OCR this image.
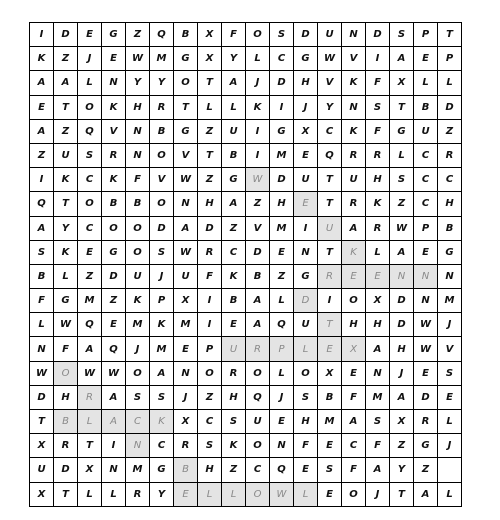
I	D	E	G	Z	Q	B	X	F	O	S	D	U	N	D	S	P	T
K	Z	J	E	W	M	G	X	Y	L	C	G	W	V	I	A	E	P
A	A	L	N	Y	Y	O	T	A	J	D	H	V	K	F	X	L	L
E	T	O	K	H	R	T	L	L	K	I	J	Y	N	S	T	B	D
A	Z	Q	V	N	B	G	Z	U	I	G	X	C	K	F	G	U	Z
Z	U	S	R	N	O	V	T	B	I	M	E	Q	R	R	L	C	R
I	K	C	K	F	V	W	Z	G	W	D	U	T	U	H	S	C	C
Q	T	O	B	B	O	N	H	A	Z	H	E	T	R	K	Z	C	H
A	Y	C	O	O	D	A	D	Z	V	M	I	U	A	R	W	P	B
S	K	E	G	O	S	W	R	C	D	E	N	T	K	L	A	E	G
B	L	Z	D	U	J	U	F	K	B	Z	G	R	E	E	N	N	N
F	G	M	Z	K	P	X	I	B	A	L	D	I	O	X	D	N	M
L	W	Q	E	M	K	M	I	E	A	Q	U	T	H	H	D	W	J
N	F	A	Q	J	M	E	P	U	R	P	L	E	X	A	H	W	V
W	O	W	W	O	A	N	O	R	O	L	O	X	E	N	J	E	S
D	H	R	A	S	S	J	Z	H	Q	J	S	B	F	M	A	D	E
T	B	L	A	C	K	X	C	S	U	E	H	M	A	S	X	R	L
X	R	T	I	N	C	R	S	K	O	N	F	E	C	F	Z	G	J
U	D	X	N	M	G	B	H	Z	C	Q	E	S	F	A	Y	Z
X	T	L	L	R	Y	E	L	L	O	W	L	E	O	J	T	A	L
